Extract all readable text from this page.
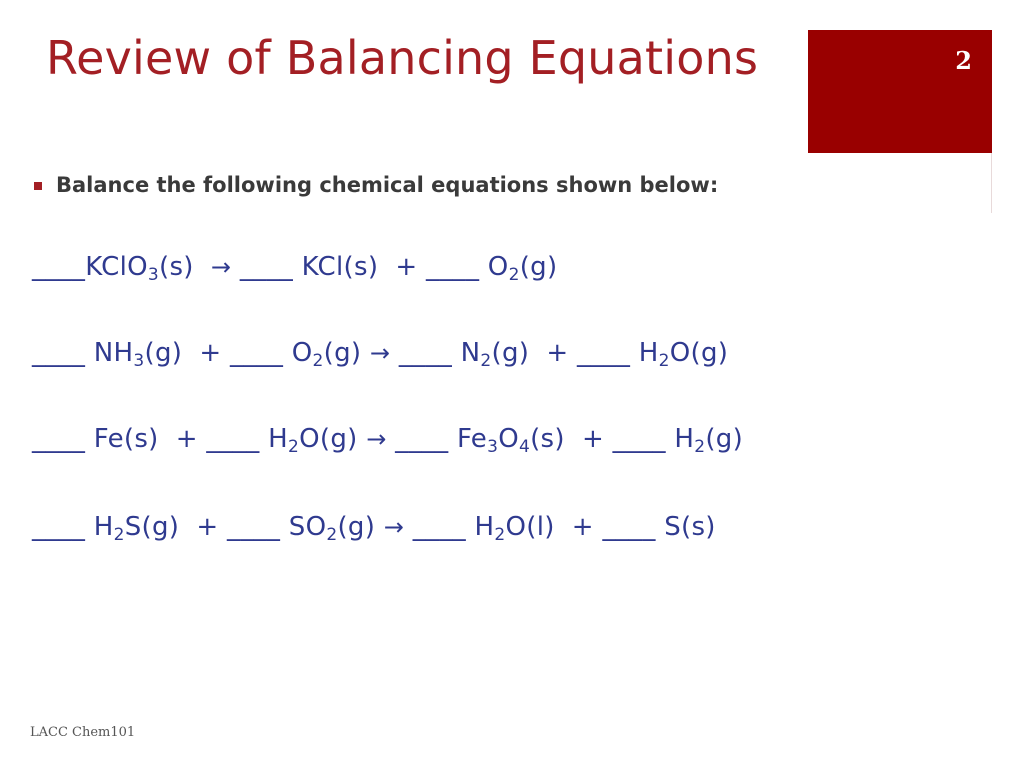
Review of Balancing Equations	2
Balance the following chemical equations shown below:
____KClO$_3$(s)  → ____ KCl(s)  + ____ $O_2(g)$
____ $NH_3(g)$  + ____ $O_2(g)$ → ____ $N_2(g)$  + ____ $H_2O(g)$
____ Fe(s)  + ____ $H_2O(g)$ → ____ $Fe_3O_4(s)$  + ____ $H_2(g)$
____ $H_2S(g)$  + ____ $SO_2(g)$ → ____ $H_2O(l)$  + ____ S(s)
LACC Chem101
